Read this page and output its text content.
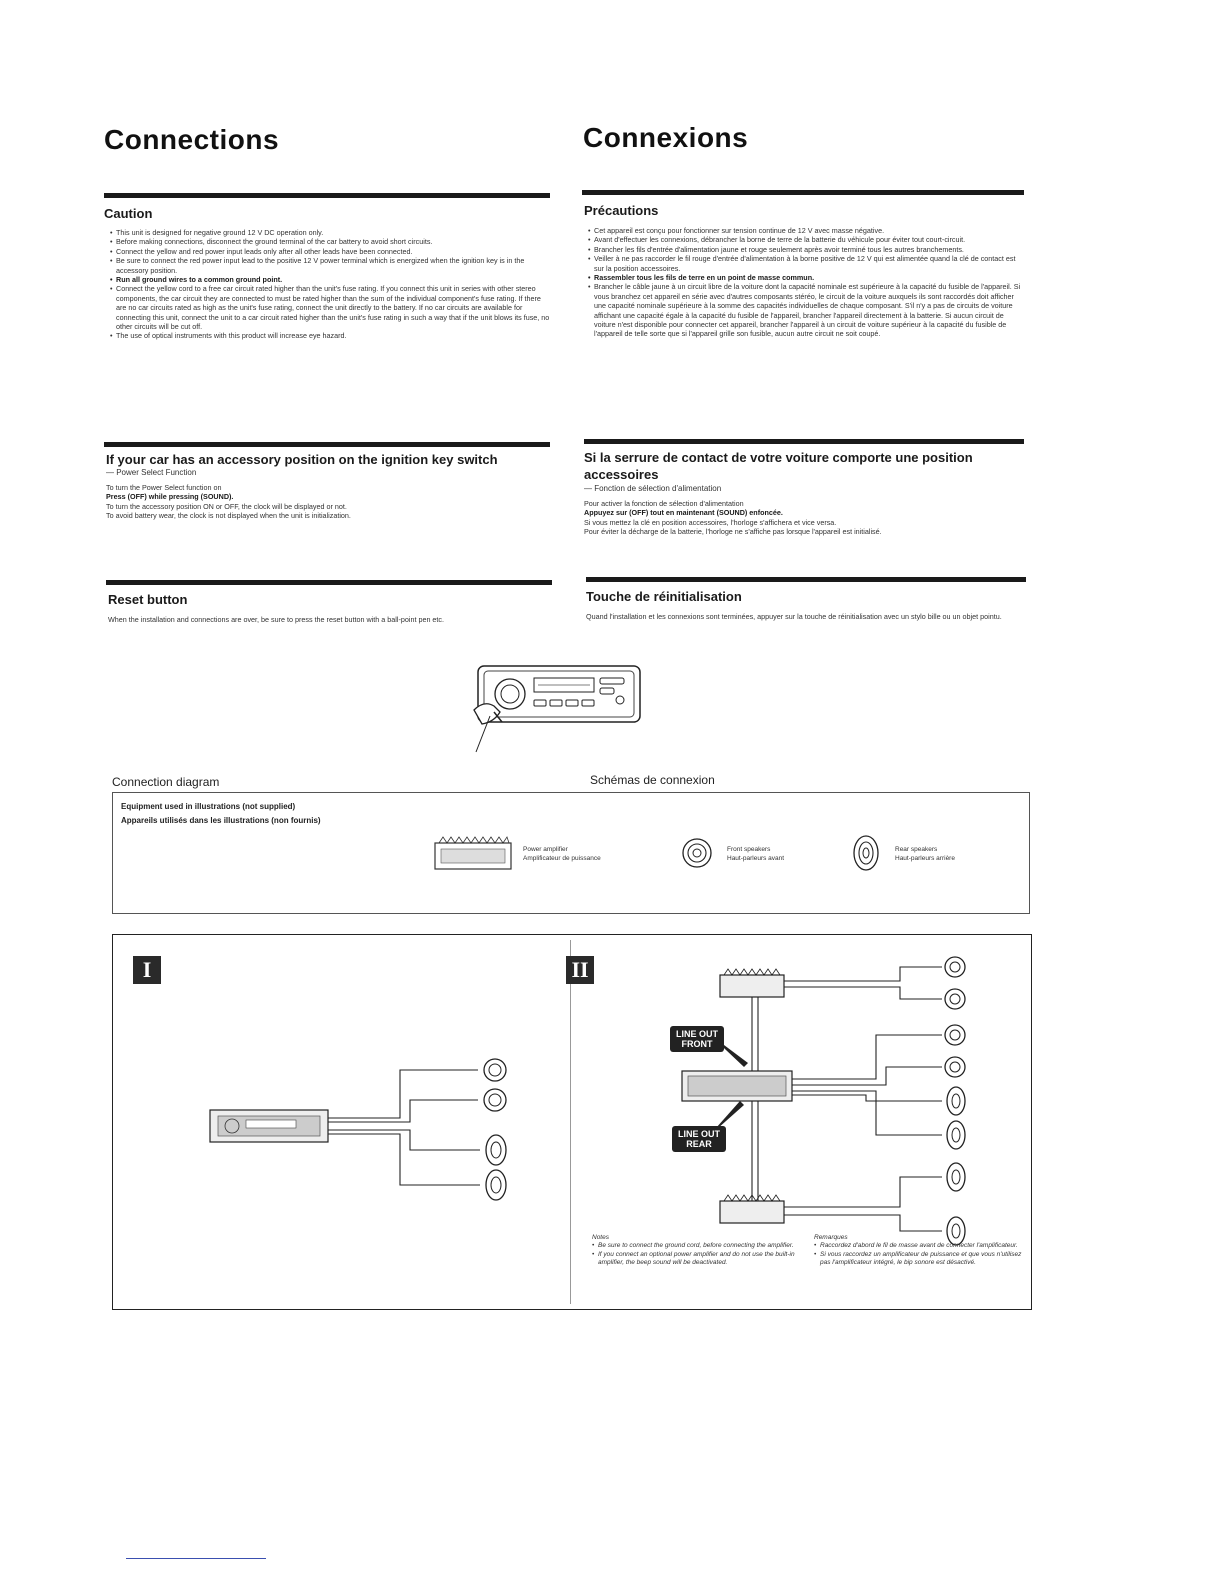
Connections	Connexions
Caution
• This unit is designed for negative ground 12 V DC operation only.
• Before making connections, disconnect the ground terminal of the car battery to avoid short circuits.
• Connect the yellow and red power input leads only after all other leads have been connected.
• Be sure to connect the red power input lead to the positive 12 V power terminal which is energized when the ignition key is in the accessory position.
• Run all ground wires to a common ground point.
• Connect the yellow cord to a free car circuit rated higher than the unit's fuse rating. If you connect this unit in series with other stereo components, the car circuit they are connected to must be rated higher than the sum of the individual component's fuse rating. If there are no car circuits rated as high as the unit's fuse rating, connect the unit directly to the battery. If no car circuits are available for connecting this unit, connect the unit to a car circuit rated higher than the unit's fuse rating in such a way that if the unit blows its fuse, no other circuits will be cut off.
• The use of optical instruments with this product will increase eye hazard.
Précautions
• Cet appareil est conçu pour fonctionner sur tension continue de 12 V avec masse négative.
• Avant d'effectuer les connexions, débrancher la borne de terre de la batterie du véhicule pour éviter tout court-circuit.
• Brancher les fils d'entrée d'alimentation jaune et rouge seulement après avoir terminé tous les autres branchements.
• Veiller à ne pas raccorder le fil rouge d'entrée d'alimentation à la borne positive de 12 V qui est alimentée quand la clé de contact est sur la position accessoires.
• Rassembler tous les fils de terre en un point de masse commun.
• Brancher le câble jaune à un circuit libre de la voiture dont la capacité nominale est supérieure à la capacité du fusible de l'appareil. Si vous branchez cet appareil en série avec d'autres composants stéréo, le circuit de la voiture auxquels ils sont raccordés doit afficher une capacité nominale supérieure à la somme des capacités individuelles de chaque composant. S'il n'y a pas de circuits de voiture affichant une capacité égale à la capacité du fusible de l'appareil, brancher l'appareil directement à la batterie. Si aucun circuit de voiture n'est disponible pour connecter cet appareil, brancher l'appareil à un circuit de voiture supérieur à la capacité du fusible de l'appareil de telle sorte que si l'appareil grille son fusible, aucun autre circuit ne soit coupé.
If your car has an accessory position on the ignition key switch
— Power Select Function

To turn the Power Select function on

Press (OFF) while pressing (SOUND).

To turn the accessory position ON or OFF, the clock will be displayed or not.

To avoid battery wear, the clock is not displayed when the unit is initialization.

Si la serrure de contact de votre voiture comporte une position accessoires
— Fonction de sélection d'alimentation

Pour activer la fonction de sélection d'alimentation

Appuyez sur (OFF) tout en maintenant (SOUND) enfoncée.

Si vous mettez la clé en position accessoires, l'horloge s'affichera et vice versa.

Pour éviter la décharge de la batterie, l'horloge ne s'affiche pas lorsque l'appareil est initialisé.

Reset button
When the installation and connections are over, be sure to press the reset button with a ball-point pen etc.
Touche de réinitialisation
Quand l'installation et les connexions sont terminées, appuyer sur la touche de réinitialisation avec un stylo bille ou un objet pointu.
Connection diagram	Schémas de connexion
Equipment used in illustrations (not supplied)
Appareils utilisés dans les illustrations (non fournis)
Power amplifier
Amplificateur de puissance
Front speakers
Haut-parleurs avant
Rear speakers
Haut-parleurs arrière
I	II
LINE OUT
FRONT
LINE OUT
REAR
Notes
• Be sure to connect the ground cord, before connecting the amplifier.
• If you connect an optional power amplifier and do not use the built-in amplifier, the beep sound will be deactivated.
Remarques
• Raccordez d'abord le fil de masse avant de connecter l'amplificateur.
• Si vous raccordez un amplificateur de puissance et que vous n'utilisez pas l'amplificateur intégré, le bip sonore est désactivé.
